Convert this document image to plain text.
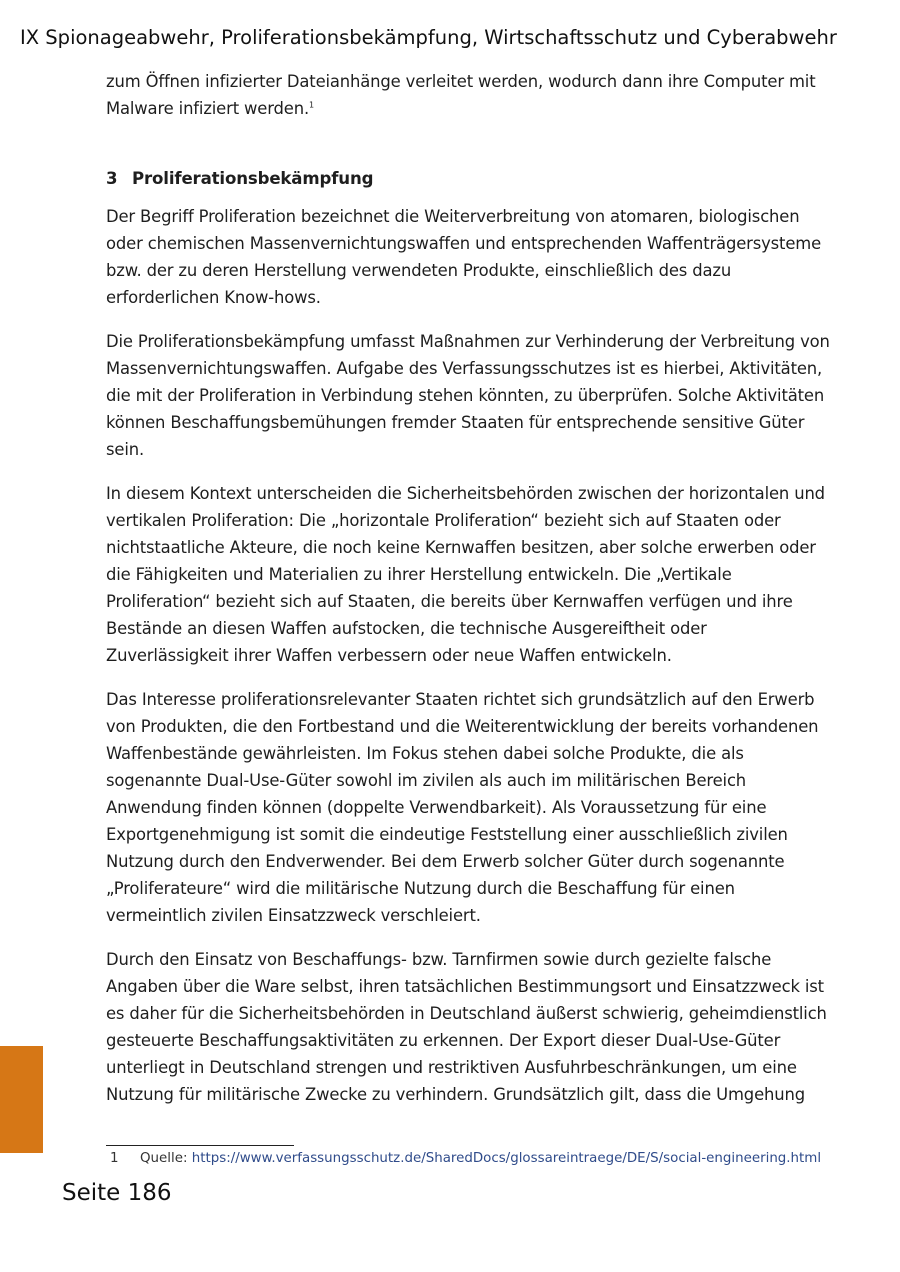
IX Spionageabwehr, Proliferationsbekämpfung, Wirtschaftsschutz und Cyberabwehr

zum Öffnen infizierter Dateianhänge verleitet werden, wodurch dann ihre Computer mit Malware infiziert werden.$^1$

3 Proliferationsbekämpfung

Der Begriff Proliferation bezeichnet die Weiterverbreitung von atomaren, biologischen oder chemischen Massenvernichtungswaffen und entsprechenden Waffenträgersysteme bzw. der zu deren Herstellung verwendeten Produkte, einschließlich des dazu erforderlichen Know-hows.

Die Proliferationsbekämpfung umfasst Maßnahmen zur Verhinderung der Verbreitung von Massenvernichtungswaffen. Aufgabe des Verfassungsschutzes ist es hierbei, Aktivitäten, die mit der Proliferation in Verbindung stehen könnten, zu überprüfen. Solche Aktivitäten können Beschaffungsbemühungen fremder Staaten für entsprechende sensitive Güter sein.

In diesem Kontext unterscheiden die Sicherheitsbehörden zwischen der horizontalen und vertikalen Proliferation: Die „horizontale Proliferation“ bezieht sich auf Staaten oder nichtstaatliche Akteure, die noch keine Kernwaffen besitzen, aber solche erwerben oder die Fähigkeiten und Materialien zu ihrer Herstellung entwickeln. Die „Vertikale Proliferation“ bezieht sich auf Staaten, die bereits über Kernwaffen verfügen und ihre Bestände an diesen Waffen aufstocken, die technische Ausgereiftheit oder Zuverlässigkeit ihrer Waffen verbessern oder neue Waffen entwickeln.

Das Interesse proliferationsrelevanter Staaten richtet sich grundsätzlich auf den Erwerb von Produkten, die den Fortbestand und die Weiterentwicklung der bereits vorhandenen Waffenbestände gewährleisten. Im Fokus stehen dabei solche Produkte, die als sogenannte Dual-Use-Güter sowohl im zivilen als auch im militärischen Bereich Anwendung finden können (doppelte Verwendbarkeit). Als Voraussetzung für eine Exportgenehmigung ist somit die eindeutige Feststellung einer ausschließlich zivilen Nutzung durch den Endverwender. Bei dem Erwerb solcher Güter durch sogenannte „Proliferateure“ wird die militärische Nutzung durch die Beschaffung für einen vermeintlich zivilen Einsatzzweck verschleiert.

Durch den Einsatz von Beschaffungs- bzw. Tarnfirmen sowie durch gezielte falsche Angaben über die Ware selbst, ihren tatsächlichen Bestimmungsort und Einsatzzweck ist es daher für die Sicherheitsbehörden in Deutschland äußerst schwierig, geheimdienstlich gesteuerte Beschaffungsaktivitäten zu erkennen. Der Export dieser Dual-Use-Güter unterliegt in Deutschland strengen und restriktiven Ausfuhrbeschränkungen, um eine Nutzung für militärische Zwecke zu verhindern. Grundsätzlich gilt, dass die Umgehung

1 Quelle: https://www.verfassungsschutz.de/SharedDocs/glossareintraege/DE/S/social-engineering.html
Seite 186
